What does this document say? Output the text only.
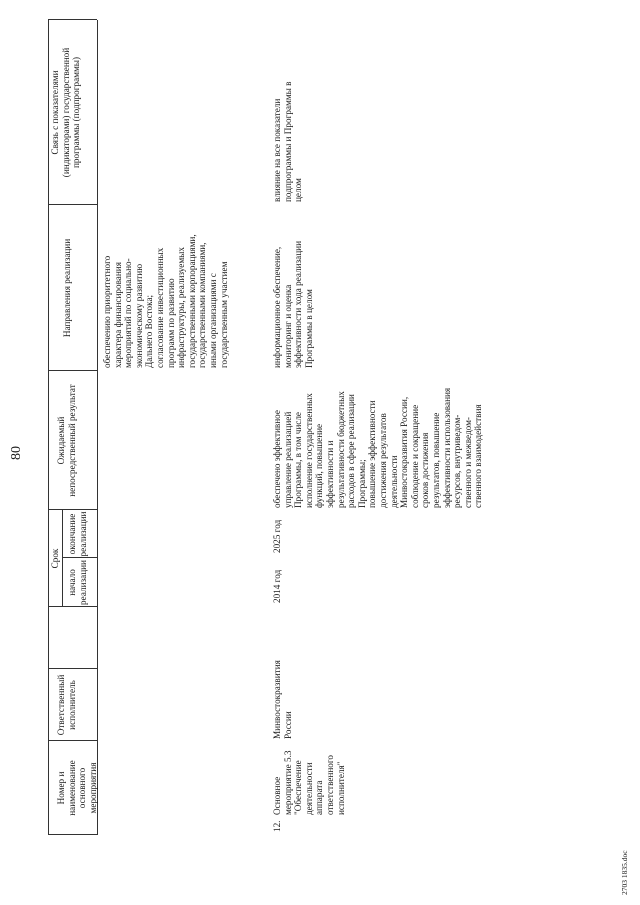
80
Номер и наименование
основного мероприятия
Ответственный
исполнитель
Срок
начало
реализации
окончание
реализации
Ожидаемый
непосредственный результат
Направления реализации
Связь с показателями
(индикаторами) государственной
программы (подпрограммы)
обеспечению приоритетного
характера финансирования
мероприятий по социально-
экономическому развитию
Дальнего Востока;
согласование инвестиционных
программ по развитию
инфраструктуры, реализуемых
государственными корпорациями,
государственными компаниями,
иными организациями с
государственным участием
12.
Основное
мероприятие 5.3
"Обеспечение
деятельности
аппарата
ответственного
исполнителя"
Минвостокразвития
России
2014 год
2025 год
обеспечено эффективное
управление реализацией
Программы, в том числе
исполнение государственных
функций, повышение
эффективности и
результативности бюджетных
расходов в сфере реализации
Программы;
повышение эффективности
достижения результатов
деятельности
Минвостокразвития России,
соблюдение и сокращение
сроков достижения
результатов, повышение
эффективности использования
ресурсов, внутриведом-
ственного и межведом-
ственного взаимодействия
информационное обеспечение,
мониторинг и оценка
эффективности хода реализации
Программы в целом
влияние на все показатели
подпрограммы и Программы в
целом
2703 1835.doc
